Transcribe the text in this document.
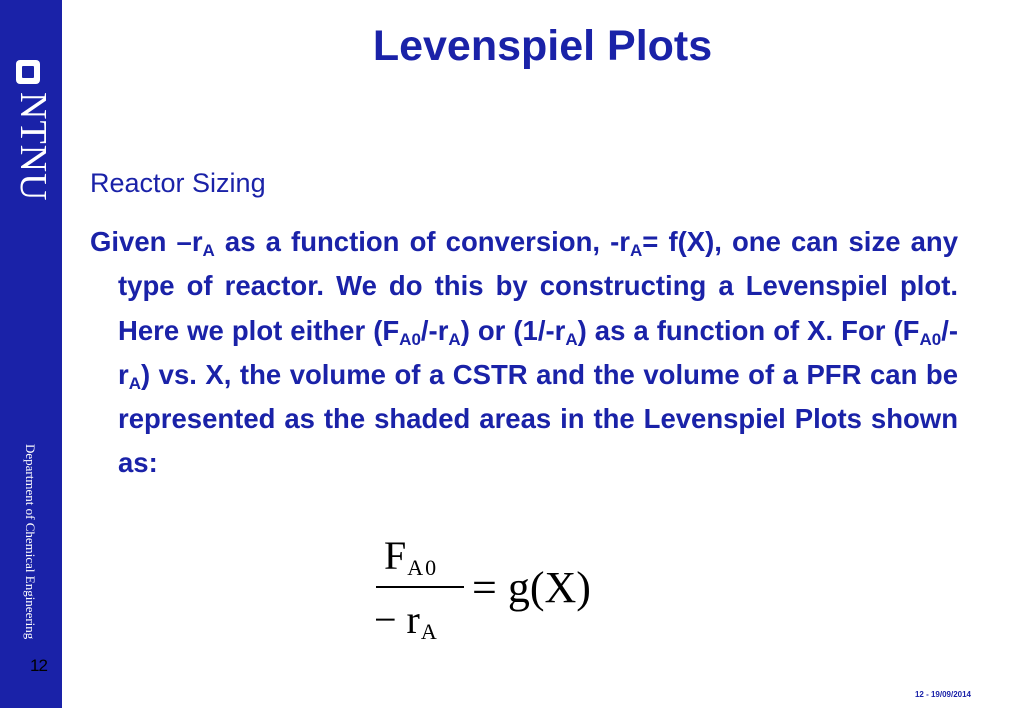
NTNU
Department of Chemical Engineering
12
Levenspiel Plots
Reactor Sizing
Given $-r_A$ as a function of conversion, $-r_A= f(X)$, one can size any type of reactor. We do this by constructing a Levenspiel plot. Here we plot either $(F_{A0}/-r_A)$ or $(1/-r_A)$ as a function of X. For $(F_{A0}/-r_A)$ vs. X, the volume of a CSTR and the volume of a PFR can be represented as the shaded areas in the Levenspiel Plots shown as:
$F_{A0}$
− $r_A$
= g(X)
12 - 19/09/2014
